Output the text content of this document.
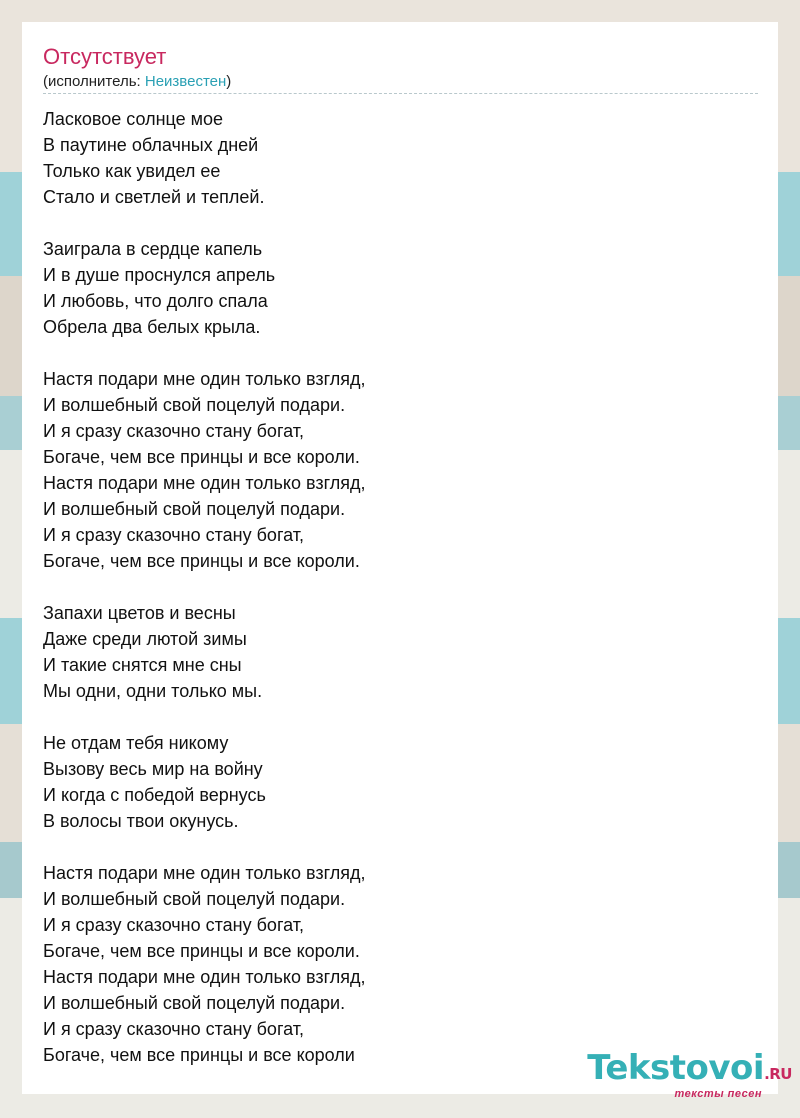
Отсутствует
(исполнитель: Неизвестен)
Ласковое солнце мое
В паутине облачных дней
Только как увидел ее
Стало и светлей и теплей.
Заиграла в сердце капель
И в душе проснулся апрель
И любовь, что долго спала
Обрела два белых крыла.
Настя подари мне один только взгляд,
И волшебный свой поцелуй подари.
И я сразу сказочно стану богат,
Богаче, чем все принцы и все короли.
Настя подари мне один только взгляд,
И волшебный свой поцелуй подари.
И я сразу сказочно стану богат,
Богаче, чем все принцы и все короли.
Запахи цветов и весны
Даже среди лютой зимы
И такие снятся мне сны
Мы одни, одни только мы.
Не отдам тебя никому
Вызову весь мир на войну
И когда с победой вернусь
В волосы твои окунусь.
Настя подари мне один только взгляд,
И волшебный свой поцелуй подари.
И я сразу сказочно стану богат,
Богаче, чем все принцы и все короли.
Настя подари мне один только взгляд,
И волшебный свой поцелуй подари.
И я сразу сказочно стану богат,
Богаче, чем все принцы и все короли	Tekstovoi.RU
тексты песен
